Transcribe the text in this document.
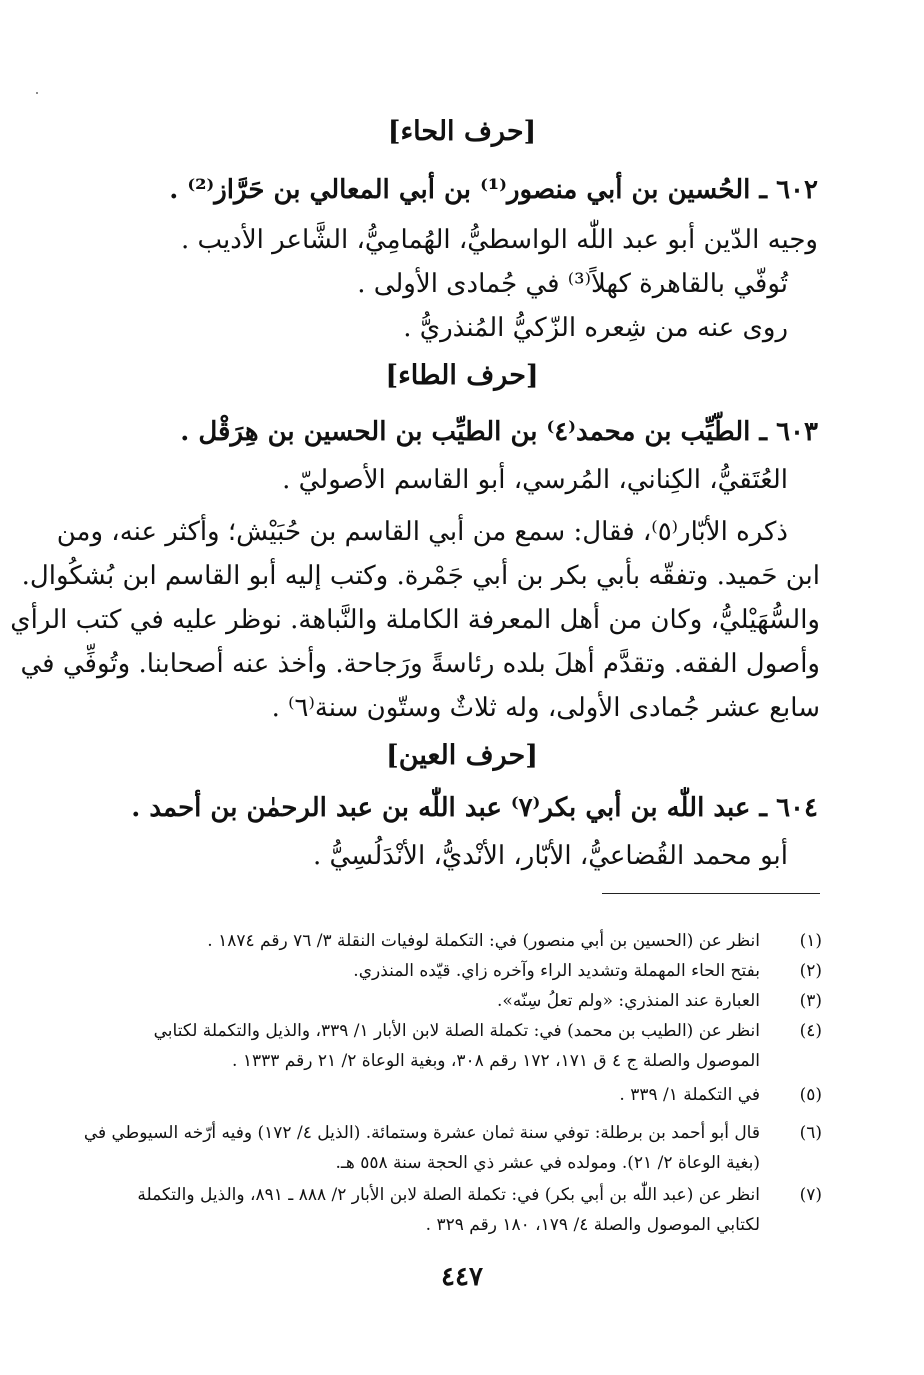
[حرف الحاء]
٦٠٢ ـ الحُسين بن أبي منصور⁽¹⁾ بن أبي المعالي بن حَرَّاز⁽²⁾ .
وجيه الدّين أبو عبد اللّٰه الواسطيُّ، الهُمامِيُّ، الشَّاعر الأديب .
تُوفّي بالقاهرة كهلاً⁽³⁾ في جُمادى الأولى .
روى عنه من شِعره الزّكيُّ المُنذريُّ .
[حرف الطاء]
٦٠٣ ـ الطّيِّب بن محمد⁽٤⁾ بن الطيِّب بن الحسين بن هِرَقْل .
العُتَقيُّ، الكِناني، المُرسي، أبو القاسم الأصوليّ .
ذكره الأبّار⁽٥⁾، فقال: سمع من أبي القاسم بن حُبَيْش؛ وأكثر عنه، ومن
ابن حَميد. وتفقّه بأبي بكر بن أبي جَمْرة. وكتب إليه أبو القاسم ابن بُشكُوال.
والسُّهَيْليُّ، وكان من أهل المعرفة الكاملة والنَّباهة. نوظر عليه في كتب الرأي
وأصول الفقه. وتقدَّم أهلَ بلده رئاسةً ورَجاحة. وأخذ عنه أصحابنا. وتُوفِّي في
سابع عشر جُمادى الأولى، وله ثلاثٌ وستّون سنة⁽٦⁾ .
[حرف العين]
٦٠٤ ـ عبد اللّٰه بن أبي بكر⁽٧⁾ عبد اللّٰه بن عبد الرحمٰن بن أحمد .
أبو محمد القُضاعيُّ، الأبّار، الأنْديُّ، الأنْدَلُسِيُّ .
(١)
انظر عن (الحسين بن أبي منصور) في: التكملة لوفيات النقلة ٣/ ٧٦ رقم ١٨٧٤ .
(٢)
بفتح الحاء المهملة وتشديد الراء وآخره زاي. قيّده المنذري.
(٣)
العبارة عند المنذري: «ولم تعلُ سِنّه».
(٤)
انظر عن (الطيب بن محمد) في: تكملة الصلة لابن الأبار ١/ ٣٣٩، والذيل والتكملة لكتابي
الموصول والصلة ج ٤ ق ١٧١، ١٧٢ رقم ٣٠٨، وبغية الوعاة ٢/ ٢١ رقم ١٣٣٣ .
(٥)
في التكملة ١/ ٣٣٩ .
(٦)
قال أبو أحمد بن برطلة: توفي سنة ثمان عشرة وستمائة. (الذيل ٤/ ١٧٢) وفيه أرّخه السيوطي في
(بغية الوعاة ٢/ ٢١). ومولده في عشر ذي الحجة سنة ٥٥٨ هـ.
(٧)
انظر عن (عبد اللّٰه بن أبي بكر) في: تكملة الصلة لابن الأبار ٢/ ٨٨٨ ـ ٨٩١، والذيل والتكملة
لكتابي الموصول والصلة ٤/ ١٧٩، ١٨٠ رقم ٣٢٩ .
٤٤٧
